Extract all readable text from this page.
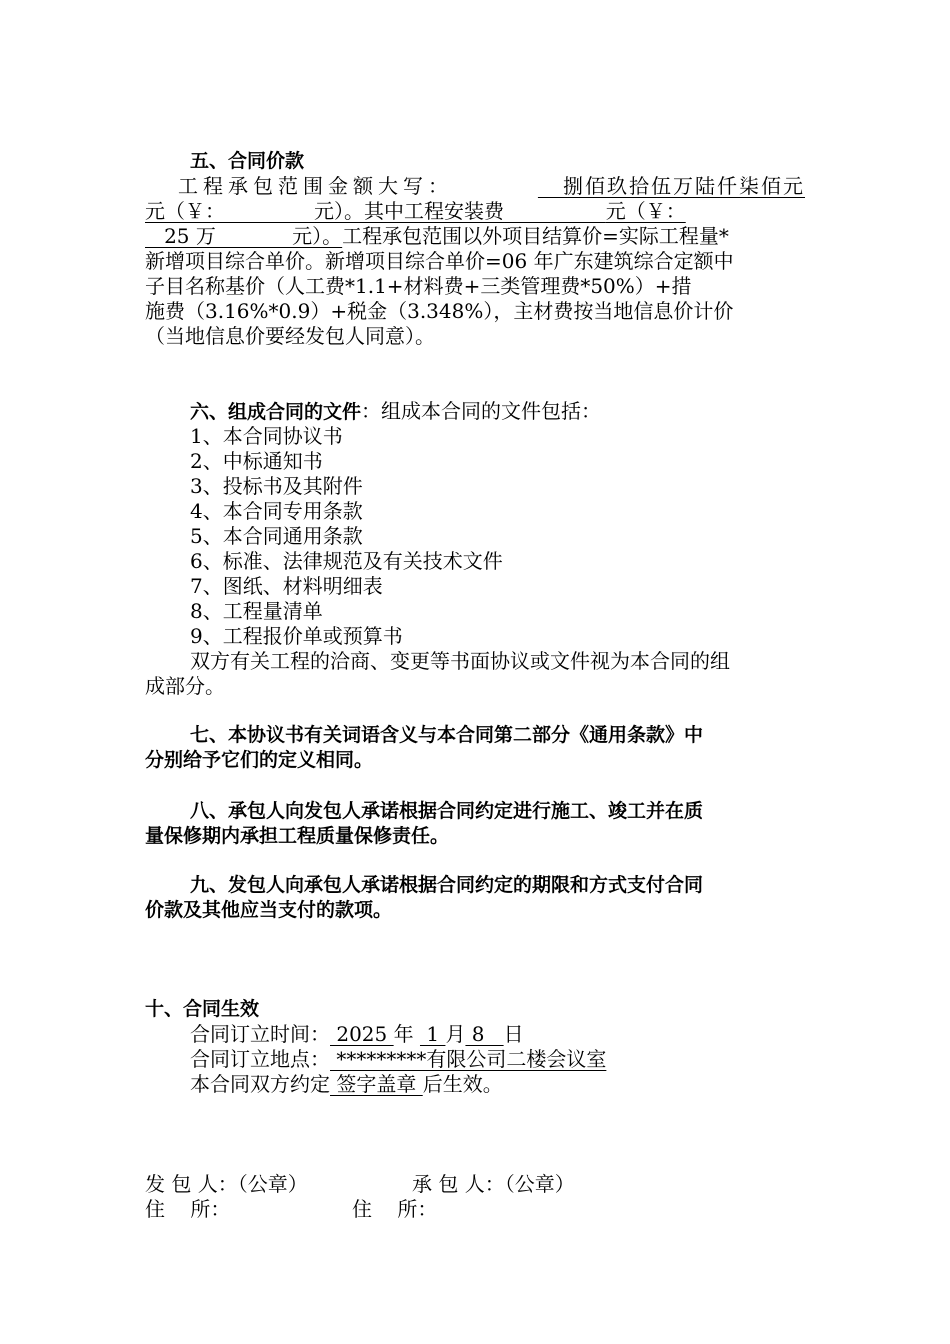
五、合同价款
工程承包范围金额大写：	捌佰玖拾伍万陆仟柒佰元
元（￥：	元）。其中工程安装费	元（￥：
25 万            元）。工程承包范围以外项目结算价=实际工程量*
新增项目综合单价。新增项目综合单价=06 年广东建筑综合定额中
子目名称基价（人工费*1.1+材料费+三类管理费*50%）+措
施费（3.16%*0.9）+税金（3.348%），主材费按当地信息价计价
（当地信息价要经发包人同意）。
六、组成合同的文件：组成本合同的文件包括：
1、本合同协议书
2、中标通知书
3、投标书及其附件
4、本合同专用条款
5、本合同通用条款
6、标准、法律规范及有关技术文件
7、图纸、材料明细表
8、工程量清单
9、工程报价单或预算书
双方有关工程的洽商、变更等书面协议或文件视为本合同的组
成部分。
七、本协议书有关词语含义与本合同第二部分《通用条款》中
分别给予它们的定义相同。
八、承包人向发包人承诺根据合同约定进行施工、竣工并在质
量保修期内承担工程质量保修责任。
九、发包人向承包人承诺根据合同约定的期限和方式支付合同
价款及其他应当支付的款项。
十、合同生效
合同订立时间： 2025 年  1 月 8   日
合同订立地点： *********有限公司二楼会议室
本合同双方约定 签字盖章 后生效。
发 包 人：（公章）	承 包 人：（公章）
住    所：	住    所：
